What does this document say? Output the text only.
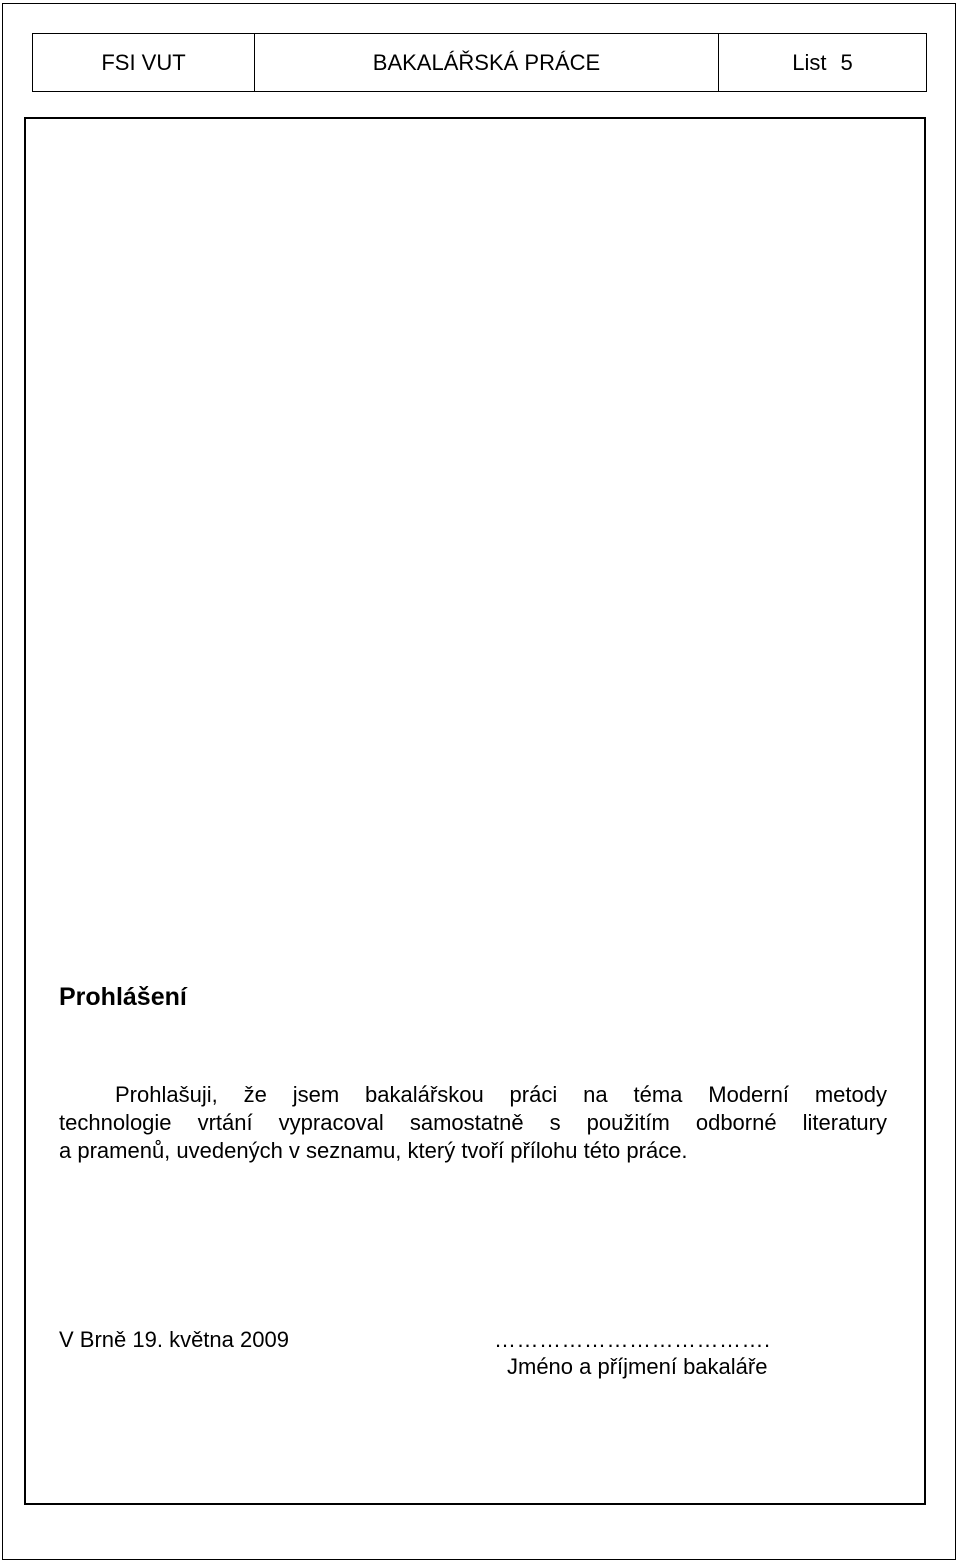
FSI VUT	BAKALÁŘSKÁ PRÁCE	List 5
Prohlášení

Prohlašuji, že jsem bakalářskou práci na téma Moderní metody
technologie vrtání vypracoval samostatně s použitím odborné literatury
a pramenů, uvedených v seznamu, který tvoří přílohu této práce.

V Brně 19. května 2009	……………………………….
Jméno a příjmení bakaláře
